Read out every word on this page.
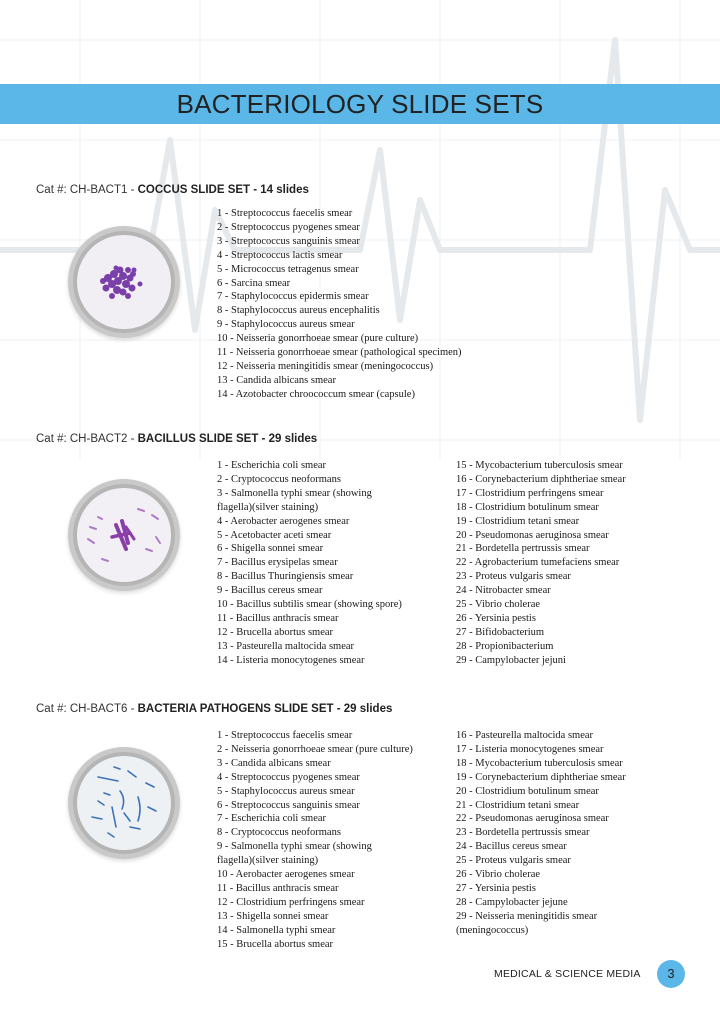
BACTERIOLOGY SLIDE SETS
Cat #: CH-BACT1 - COCCUS SLIDE SET - 14 slides
1 - Streptococcus faecelis smear
2 - Streptococcus pyogenes smear
3 - Streptococcus sanguinis smear
4 - Streptococcus lactis smear
5 - Micrococcus tetragenus smear
6 - Sarcina smear
7 - Staphylococcus epidermis smear
8 - Staphylococcus aureus encephalitis
9 - Staphylococcus aureus smear
10 - Neisseria gonorrhoeae smear (pure culture)
11 - Neisseria gonorrhoeae smear (pathological specimen)
12 - Neisseria meningitidis smear (meningococcus)
13 - Candida albicans smear
14 - Azotobacter chroococcum smear (capsule)
Cat #: CH-BACT2 - BACILLUS SLIDE SET - 29 slides
1 - Escherichia coli smear
2 - Cryptococcus neoformans
3 - Salmonella typhi smear (showing
flagella)(silver staining)
4 - Aerobacter aerogenes smear
5 - Acetobacter aceti smear
6 - Shigella sonnei smear
7 - Bacillus erysipelas smear
8 - Bacillus Thuringiensis smear
9 - Bacillus cereus smear
10 - Bacillus subtilis smear (showing spore)
11 - Bacillus anthracis smear
12 - Brucella abortus smear
13 - Pasteurella maltocida smear
14 - Listeria monocytogenes smear
15 - Mycobacterium tuberculosis smear
16 - Corynebacterium diphtheriae smear
17 - Clostridium perfringens smear
18 - Clostridium botulinum smear
19 - Clostridium tetani smear
20 - Pseudomonas aeruginosa smear
21 - Bordetella pertrussis smear
22 - Agrobacterium tumefaciens smear
23 - Proteus vulgaris smear
24 - Nitrobacter smear
25 - Vibrio cholerae
26 - Yersinia pestis
27 - Bifidobacterium
28 - Propionibacterium
29 - Campylobacter jejuni
Cat #: CH-BACT6 - BACTERIA PATHOGENS SLIDE SET - 29 slides
1 - Streptococcus faecelis smear
2 - Neisseria gonorrhoeae smear (pure culture)
3 - Candida albicans smear
4 - Streptococcus pyogenes smear
5 - Staphylococcus aureus smear
6 - Streptococcus sanguinis smear
7 - Escherichia coli smear
8 - Cryptococcus neoformans
9 - Salmonella typhi smear (showing
flagella)(silver staining)
10 - Aerobacter aerogenes smear
11 - Bacillus anthracis smear
12 - Clostridium perfringens smear
13 - Shigella sonnei smear
14 - Salmonella typhi smear
15 - Brucella abortus smear
16 - Pasteurella maltocida smear
17 - Listeria monocytogenes smear
18 - Mycobacterium tuberculosis smear
19 - Corynebacterium diphtheriae smear
20 - Clostridium botulinum smear
21 - Clostridium tetani smear
22 - Pseudomonas aeruginosa smear
23 - Bordetella pertrussis smear
24 - Bacillus cereus smear
25 - Proteus vulgaris smear
26 - Vibrio cholerae
27 - Yersinia pestis
28 - Campylobacter jejune
29 - Neisseria meningitidis smear
(meningococcus)
MEDICAL & SCIENCE MEDIA	3
